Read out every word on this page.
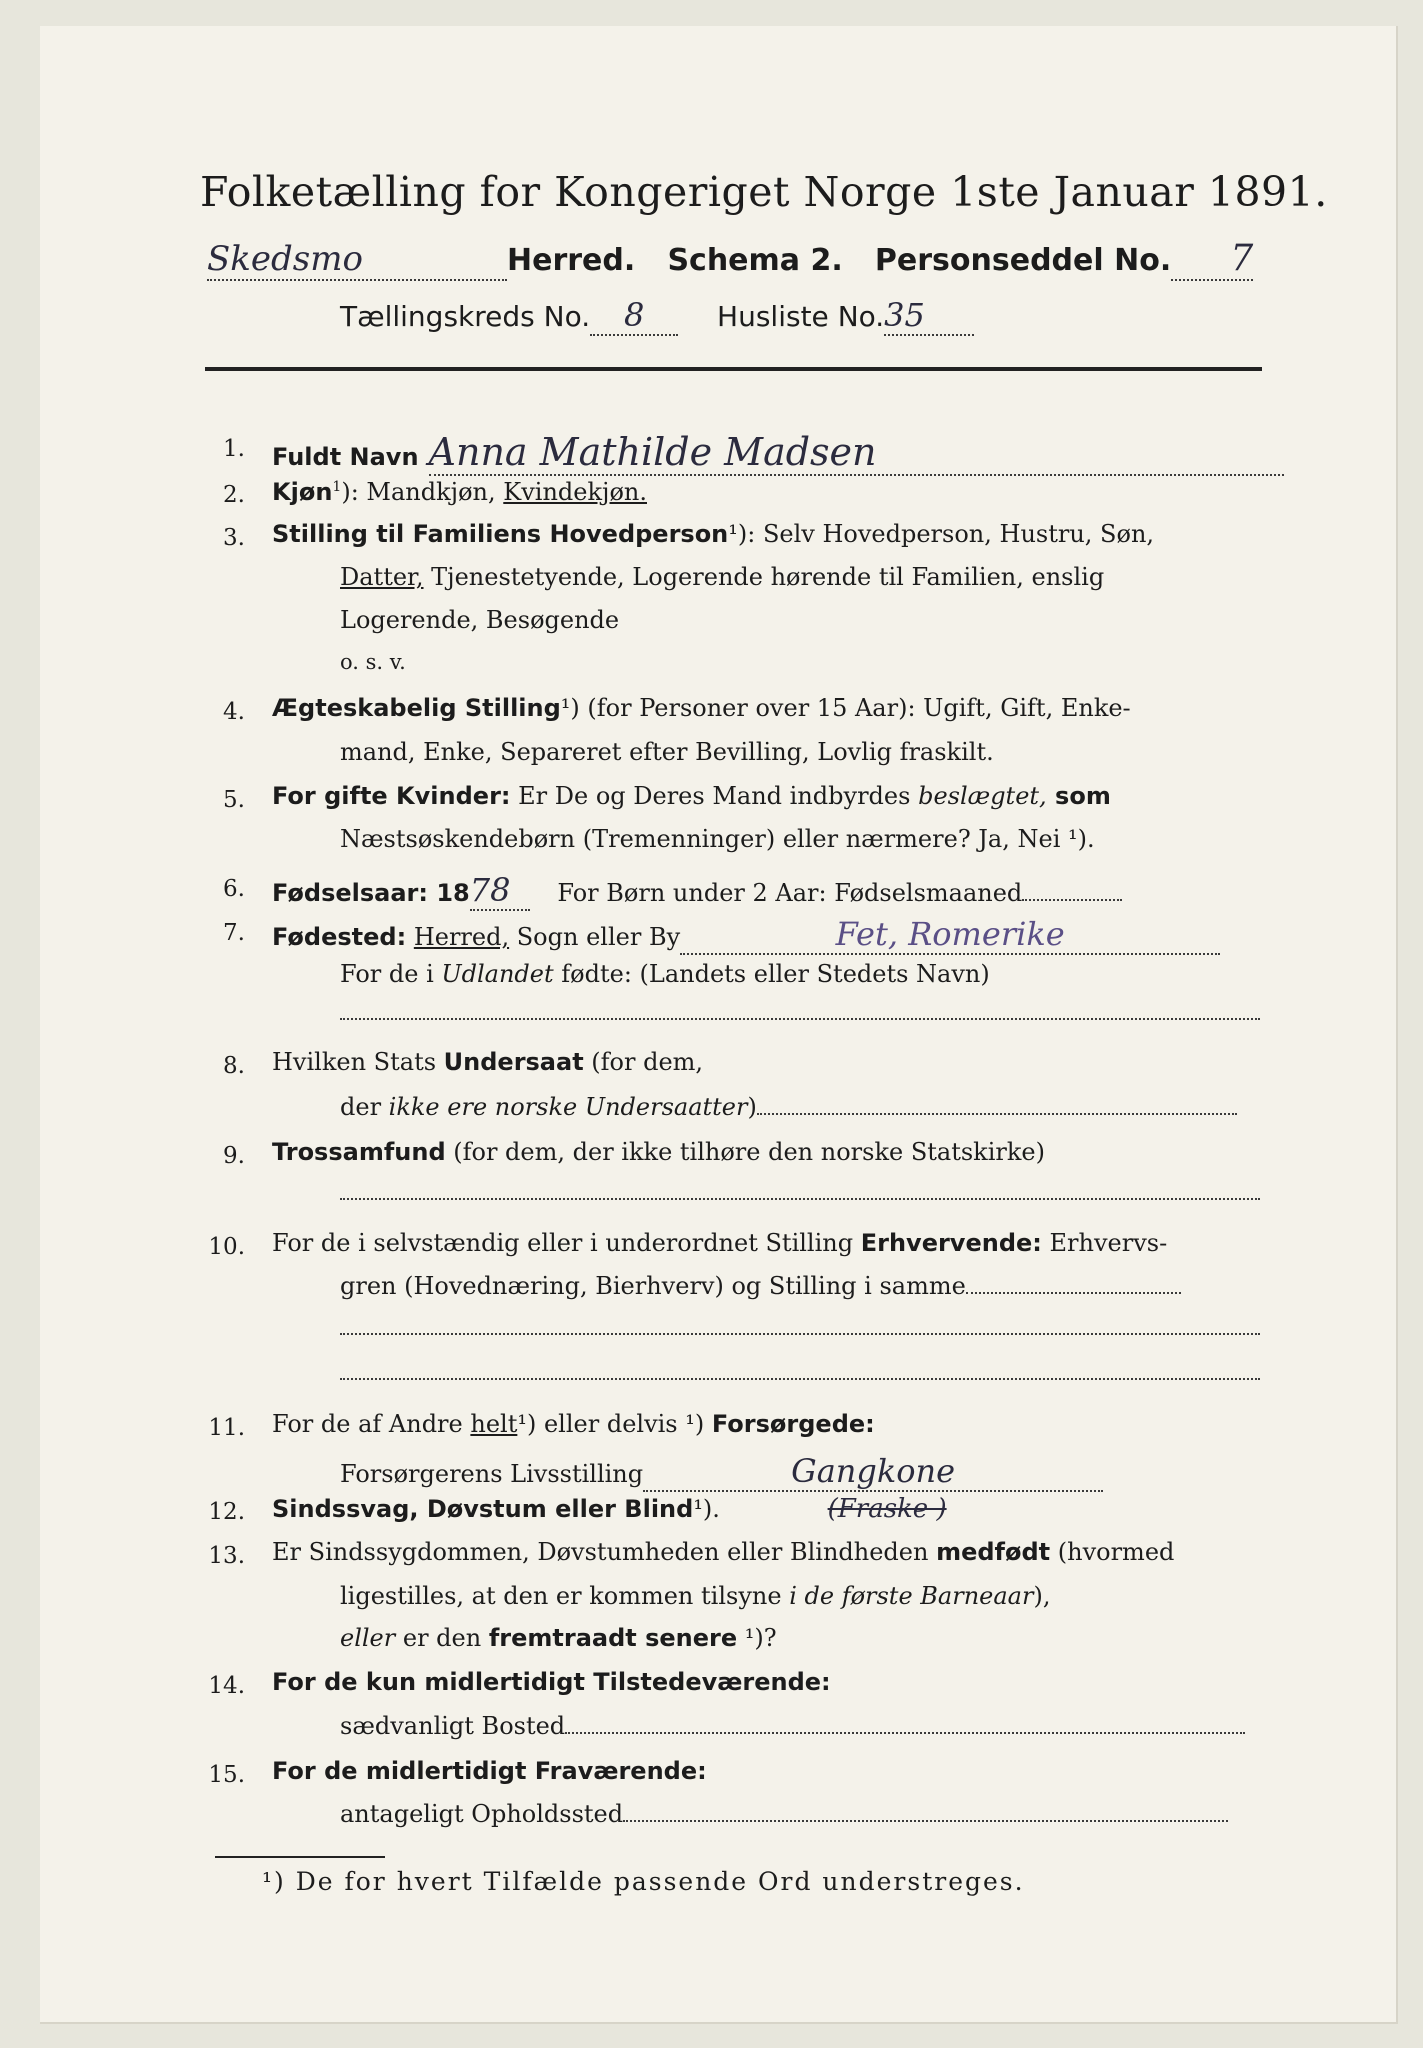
Folketælling for Kongeriget Norge 1ste Januar 1891.
Skedsmo	Herred. Schema 2. Personseddel No. 7
Tællingskreds No. 8	Husliste No.35
1. Fuldt Navn Anna Mathilde Madsen
2. Kjøn$^1$): Mandkjøn, Kvindekjøn.
3. Stilling til Familiens Hovedperson¹): Selv Hovedperson, Hustru, Søn,
Datter, Tjenestetyende, Logerende hørende til Familien, enslig
Logerende, Besøgende
o. s. v.
4. Ægteskabelig Stilling¹) (for Personer over 15 Aar): Ugift, Gift, Enke-
mand, Enke, Separeret efter Bevilling, Lovlig fraskilt.
5. For gifte Kvinder: Er De og Deres Mand indbyrdes beslægtet, som
Næstsøskendebørn (Tremenninger) eller nærmere? Ja, Nei ¹).
6. Fødselsaar: 1878 For Børn under 2 Aar: Fødselsmaaned
7. Fødested: Herred, Sogn eller By	Fet, Romerike
For de i Udlandet fødte: (Landets eller Stedets Navn)
8. Hvilken Stats Undersaat (for dem,
der ikke ere norske Undersaatter)
9. Trossamfund (for dem, der ikke tilhøre den norske Statskirke)
10. For de i selvstændig eller i underordnet Stilling Erhvervende: Erhvervs-
gren (Hovednæring, Bierhverv) og Stilling i samme
11. For de af Andre helt¹) eller delvis ¹) Forsørgede:
Forsørgerens Livsstilling	Gangkone
12. Sindssvag, Døvstum eller Blind¹).	(Fraske )
13. Er Sindssygdommen, Døvstumheden eller Blindheden medfødt (hvormed
ligestilles, at den er kommen tilsyne i de første Barneaar),
eller er den fremtraadt senere ¹)?
14. For de kun midlertidigt Tilstedeværende:
sædvanligt Bosted
15. For de midlertidigt Fraværende:
antageligt Opholdssted
¹) De for hvert Tilfælde passende Ord understreges.
